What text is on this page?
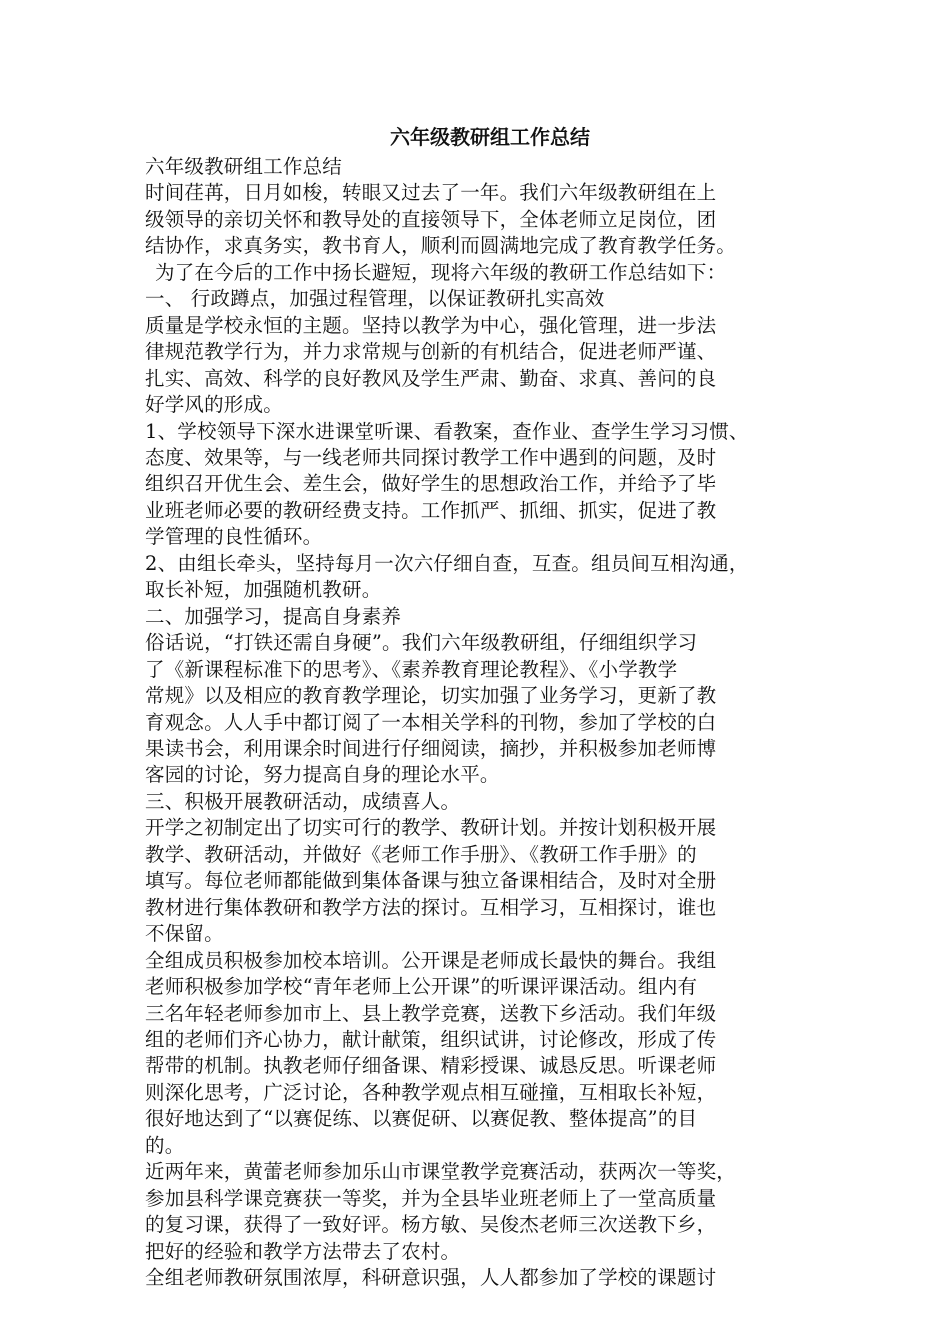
六年级教研组工作总结
六年级教研组工作总结
时间荏苒，日月如梭，转眼又过去了一年。我们六年级教研组在上
级领导的亲切关怀和教导处的直接领导下，全体老师立足岗位，团
结协作，求真务实，教书育人，顺利而圆满地完成了教育教学任务。
为了在今后的工作中扬长避短，现将六年级的教研工作总结如下：
一、 行政蹲点，加强过程管理，以保证教研扎实高效
质量是学校永恒的主题。坚持以教学为中心，强化管理，进一步法
律规范教学行为，并力求常规与创新的有机结合，促进老师严谨、
扎实、高效、科学的良好教风及学生严肃、勤奋、求真、善问的良
好学风的形成。
1、学校领导下深水进课堂听课、看教案，查作业、查学生学习习惯、
态度、效果等，与一线老师共同探讨教学工作中遇到的问题，及时
组织召开优生会、差生会，做好学生的思想政治工作，并给予了毕
业班老师必要的教研经费支持。工作抓严、抓细、抓实，促进了教
学管理的良性循环。
2、由组长牵头，坚持每月一次六仔细自查，互查。组员间互相沟通，
取长补短，加强随机教研。
二、加强学习，提高自身素养
俗话说，“打铁还需自身硬”。我们六年级教研组，仔细组织学习
了《新课程标准下的思考》、《素养教育理论教程》、《小学教学
常规》以及相应的教育教学理论，切实加强了业务学习，更新了教
育观念。人人手中都订阅了一本相关学科的刊物，参加了学校的白
果读书会，利用课余时间进行仔细阅读，摘抄，并积极参加老师博
客园的讨论，努力提高自身的理论水平。
三、积极开展教研活动，成绩喜人。
开学之初制定出了切实可行的教学、教研计划。并按计划积极开展
教学、教研活动，并做好《老师工作手册》、《教研工作手册》的
填写。每位老师都能做到集体备课与独立备课相结合，及时对全册
教材进行集体教研和教学方法的探讨。互相学习，互相探讨，谁也
不保留。
全组成员积极参加校本培训。公开课是老师成长最快的舞台。我组
老师积极参加学校“青年老师上公开课”的听课评课活动。组内有
三名年轻老师参加市上、县上教学竞赛，送教下乡活动。我们年级
组的老师们齐心协力，献计献策，组织试讲，讨论修改，形成了传
帮带的机制。执教老师仔细备课、精彩授课、诚恳反思。听课老师
则深化思考，广泛讨论，各种教学观点相互碰撞，互相取长补短，
很好地达到了“以赛促练、以赛促研、以赛促教、整体提高”的目
的。
近两年来，黄蕾老师参加乐山市课堂教学竞赛活动，获两次一等奖，
参加县科学课竞赛获一等奖，并为全县毕业班老师上了一堂高质量
的复习课，获得了一致好评。杨方敏、吴俊杰老师三次送教下乡，
把好的经验和教学方法带去了农村。
全组老师教研氛围浓厚，科研意识强，人人都参加了学校的课题讨
